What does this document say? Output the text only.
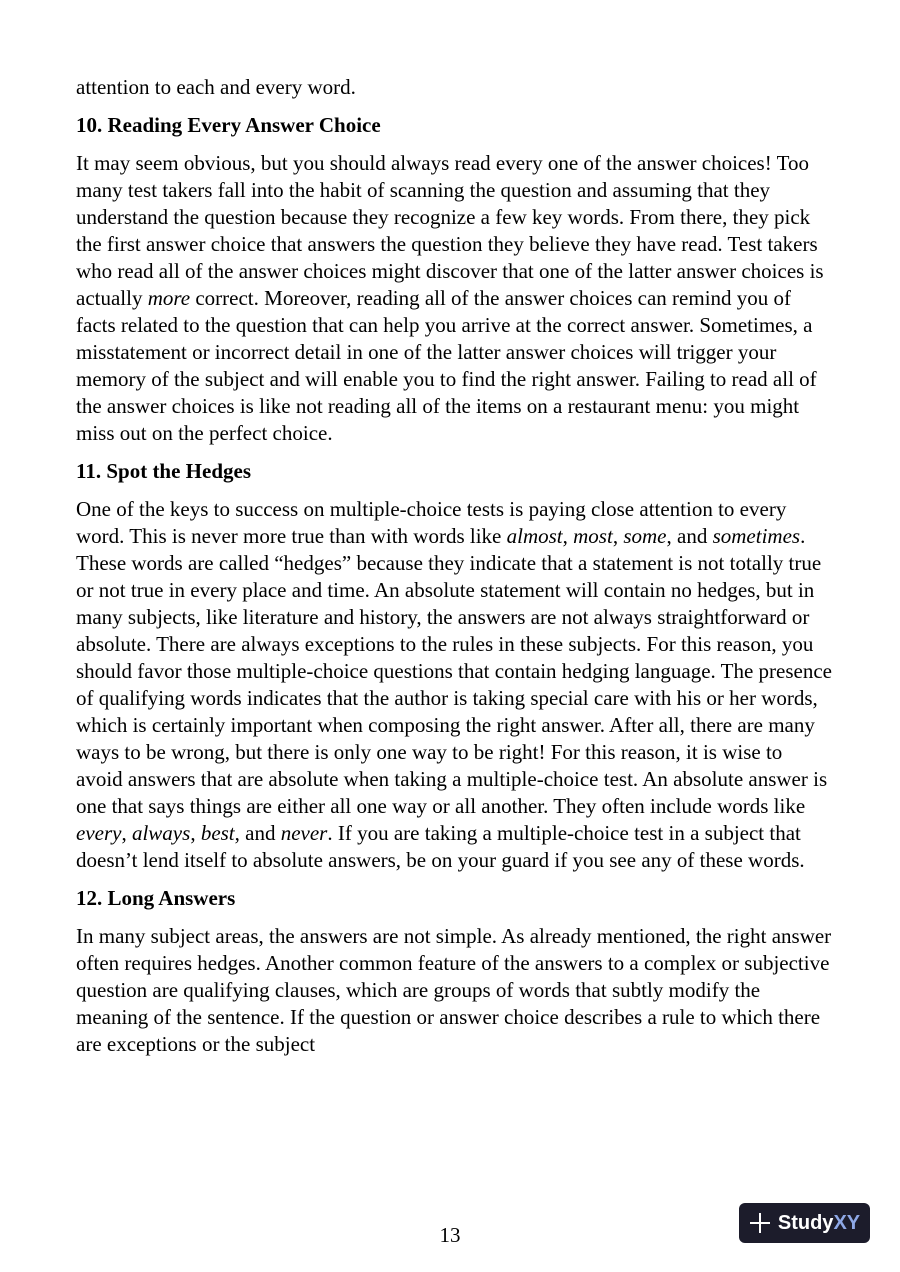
attention to each and every word.

10. Reading Every Answer Choice

It may seem obvious, but you should always read every one of the answer choices! Too many test takers fall into the habit of scanning the question and assuming that they understand the question because they recognize a few key words. From there, they pick the first answer choice that answers the question they believe they have read. Test takers who read all of the answer choices might discover that one of the latter answer choices is actually more correct. Moreover, reading all of the answer choices can remind you of facts related to the question that can help you arrive at the correct answer. Sometimes, a misstatement or incorrect detail in one of the latter answer choices will trigger your memory of the subject and will enable you to find the right answer. Failing to read all of the answer choices is like not reading all of the items on a restaurant menu: you might miss out on the perfect choice.

11. Spot the Hedges

One of the keys to success on multiple-choice tests is paying close attention to every word. This is never more true than with words like almost, most, some, and sometimes. These words are called “hedges” because they indicate that a statement is not totally true or not true in every place and time. An absolute statement will contain no hedges, but in many subjects, like literature and history, the answers are not always straightforward or absolute. There are always exceptions to the rules in these subjects. For this reason, you should favor those multiple-choice questions that contain hedging language. The presence of qualifying words indicates that the author is taking special care with his or her words, which is certainly important when composing the right answer. After all, there are many ways to be wrong, but there is only one way to be right! For this reason, it is wise to avoid answers that are absolute when taking a multiple-choice test. An absolute answer is one that says things are either all one way or all another. They often include words like every, always, best, and never. If you are taking a multiple-choice test in a subject that doesn’t lend itself to absolute answers, be on your guard if you see any of these words.

12. Long Answers

In many subject areas, the answers are not simple. As already mentioned, the right answer often requires hedges. Another common feature of the answers to a complex or subjective question are qualifying clauses, which are groups of words that subtly modify the meaning of the sentence. If the question or answer choice describes a rule to which there are exceptions or the subject

13
Study XY
